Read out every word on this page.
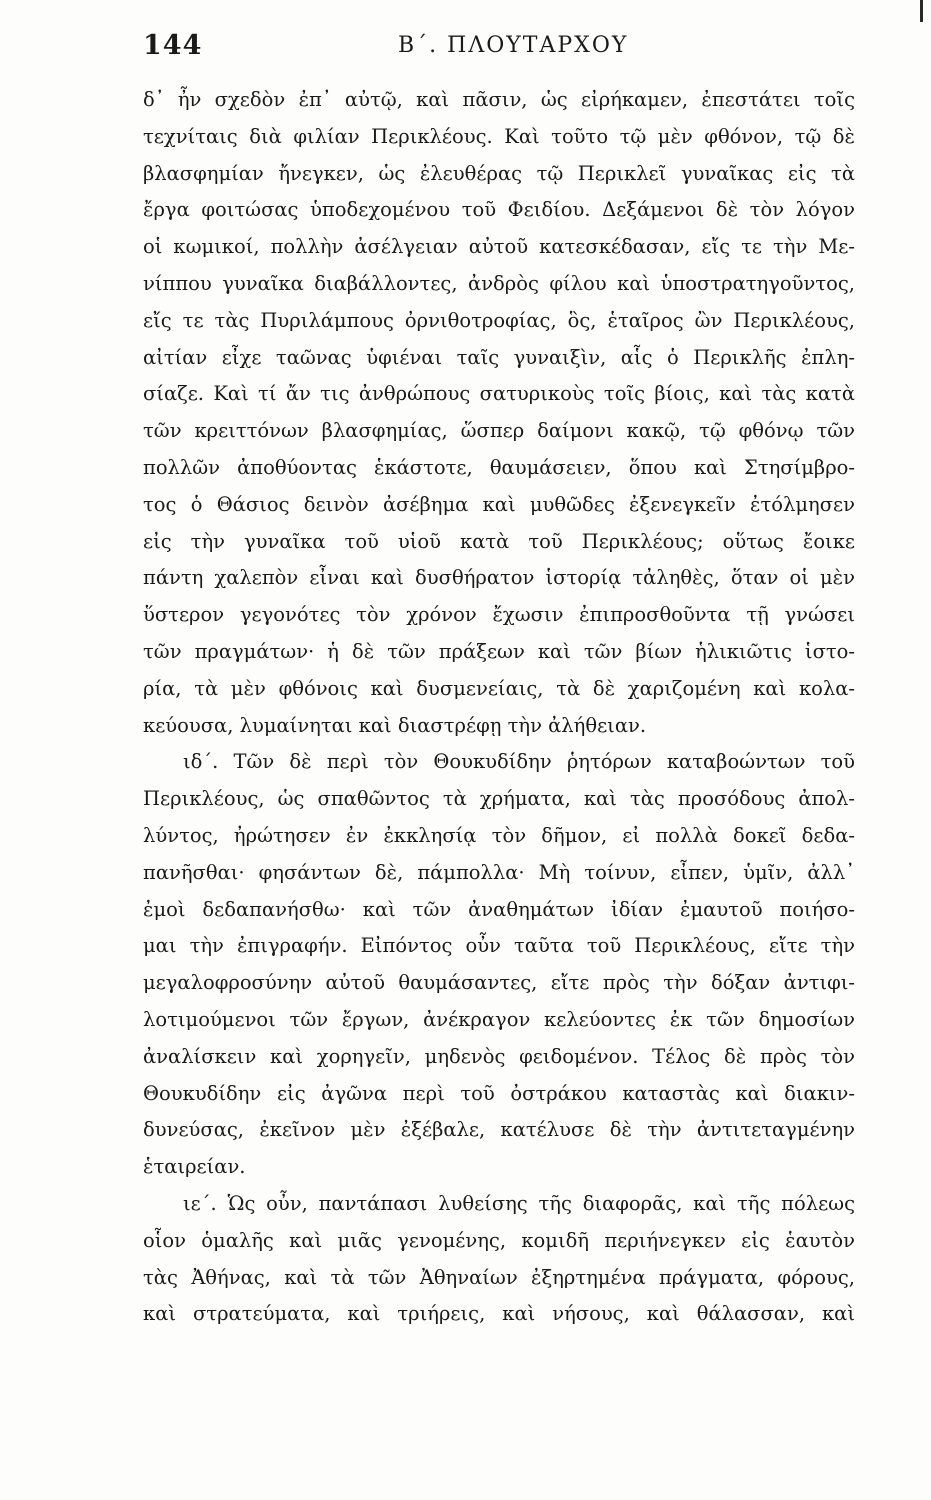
144	Β΄. ΠΛΟΥΤΑΡΧΟΥ
δ᾽ ἦν σχεδὸν ἐπ᾽ αὐτῷ, καὶ πᾶσιν, ὡς εἰρήκαμεν, ἐπεστάτει τοῖς
τεχνίταις διὰ φιλίαν Περικλέους. Καὶ τοῦτο τῷ μὲν φθόνον, τῷ δὲ
βλασφημίαν ἤνεγκεν, ὡς ἐλευθέρας τῷ Περικλεῖ γυναῖκας εἰς τὰ
ἔργα φοιτώσας ὑποδεχομένου τοῦ Φειδίου. Δεξάμενοι δὲ τὸν λόγον
οἱ κωμικοί, πολλὴν ἀσέλγειαν αὐτοῦ κατεσκέδασαν, εἴς τε τὴν Με-
νίππου γυναῖκα διαβάλλοντες, ἀνδρὸς φίλου καὶ ὑποστρατηγοῦντος,
εἴς τε τὰς Πυριλάμπους ὀρνιθοτροφίας, ὃς, ἑταῖρος ὢν Περικλέους,
αἰτίαν εἶχε ταῶνας ὑφιέναι ταῖς γυναιξὶν, αἷς ὁ Περικλῆς ἐπλη-
σίαζε. Καὶ τί ἄν τις ἀνθρώπους σατυρικοὺς τοῖς βίοις, καὶ τὰς κατὰ
τῶν κρειττόνων βλασφημίας, ὥσπερ δαίμονι κακῷ, τῷ φθόνῳ τῶν
πολλῶν ἀποθύοντας ἑκάστοτε, θαυμάσειεν, ὅπου καὶ Στησίμβρο-
τος ὁ Θάσιος δεινὸν ἀσέβημα καὶ μυθῶδες ἐξενεγκεῖν ἐτόλμησεν
εἰς τὴν γυναῖκα τοῦ υἱοῦ κατὰ τοῦ Περικλέους; οὕτως ἔοικε
πάντη χαλεπὸν εἶναι καὶ δυσθήρατον ἱστορίᾳ τἀληθὲς, ὅταν οἱ μὲν
ὕστερον γεγονότες τὸν χρόνον ἔχωσιν ἐπιπροσθοῦντα τῇ γνώσει
τῶν πραγμάτων· ἡ δὲ τῶν πράξεων καὶ τῶν βίων ἡλικιῶτις ἱστο-
ρία, τὰ μὲν φθόνοις καὶ δυσμενείαις, τὰ δὲ χαριζομένη καὶ κολα-
κεύουσα, λυμαίνηται καὶ διαστρέφῃ τὴν ἀλήθειαν.
ιδ΄. Τῶν δὲ περὶ τὸν Θουκυδίδην ῥητόρων καταβοώντων τοῦ
Περικλέους, ὡς σπαθῶντος τὰ χρήματα, καὶ τὰς προσόδους ἀπολ-
λύντος, ἠρώτησεν ἐν ἐκκλησίᾳ τὸν δῆμον, εἰ πολλὰ δοκεῖ δεδα-
πανῆσθαι· φησάντων δὲ, πάμπολλα· Μὴ τοίνυν, εἶπεν, ὑμῖν, ἀλλ᾽
ἐμοὶ δεδαπανήσθω· καὶ τῶν ἀναθημάτων ἰδίαν ἐμαυτοῦ ποιήσο-
μαι τὴν ἐπιγραφήν. Εἰπόντος οὖν ταῦτα τοῦ Περικλέους, εἴτε τὴν
μεγαλοφροσύνην αὐτοῦ θαυμάσαντες, εἴτε πρὸς τὴν δόξαν ἀντιφι-
λοτιμούμενοι τῶν ἔργων, ἀνέκραγον κελεύοντες ἐκ τῶν δημοσίων
ἀναλίσκειν καὶ χορηγεῖν, μηδενὸς φειδομένον. Τέλος δὲ πρὸς τὸν
Θουκυδίδην εἰς ἀγῶνα περὶ τοῦ ὀστράκου καταστὰς καὶ διακιν-
δυνεύσας, ἐκεῖνον μὲν ἐξέβαλε, κατέλυσε δὲ τὴν ἀντιτεταγμένην
ἑταιρείαν.
ιε΄. Ὡς οὖν, παντάπασι λυθείσης τῆς διαφορᾶς, καὶ τῆς πόλεως
οἷον ὁμαλῆς καὶ μιᾶς γενομένης, κομιδῆ περιήνεγκεν εἰς ἑαυτὸν
τὰς Ἀθήνας, καὶ τὰ τῶν Ἀθηναίων ἐξηρτημένα πράγματα, φόρους,
καὶ στρατεύματα, καὶ τριήρεις, καὶ νήσους, καὶ θάλασσαν, καὶ
